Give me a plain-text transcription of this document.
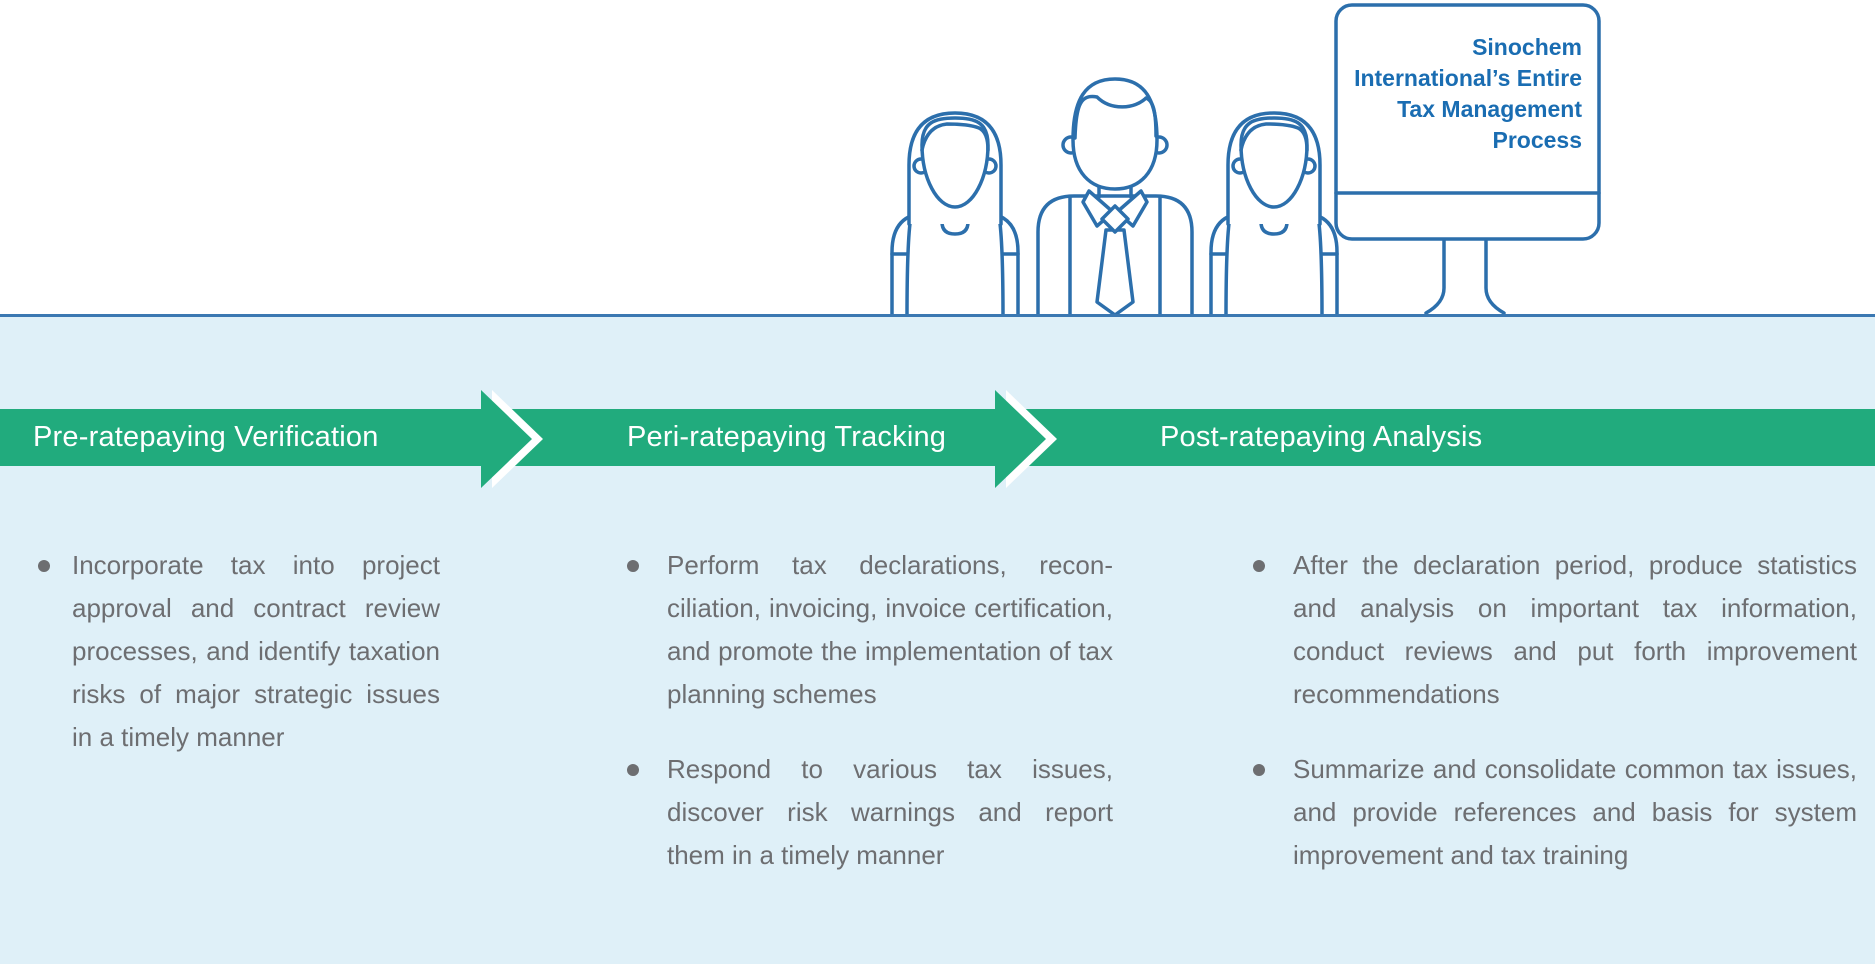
Sinochem
International’s Entire
Tax Management
Process
Pre-ratepaying Verification	Peri-ratepaying Tracking	Post-ratepaying Analysis
Incorporate tax into project approval and contract review processes, and identify taxation risks of major strategic issues in a timely manner
Perform tax declarations, reconciliation, invoicing, invoice certification, and promote the implementation of tax planning schemes
Respond to various tax issues, discover risk warnings and report them in a timely manner
After the declaration period, produce statistics and analysis on important tax information, conduct reviews and put forth improvement recommendations
Summarize and consolidate common tax issues, and provide references and basis for system improvement and tax training
